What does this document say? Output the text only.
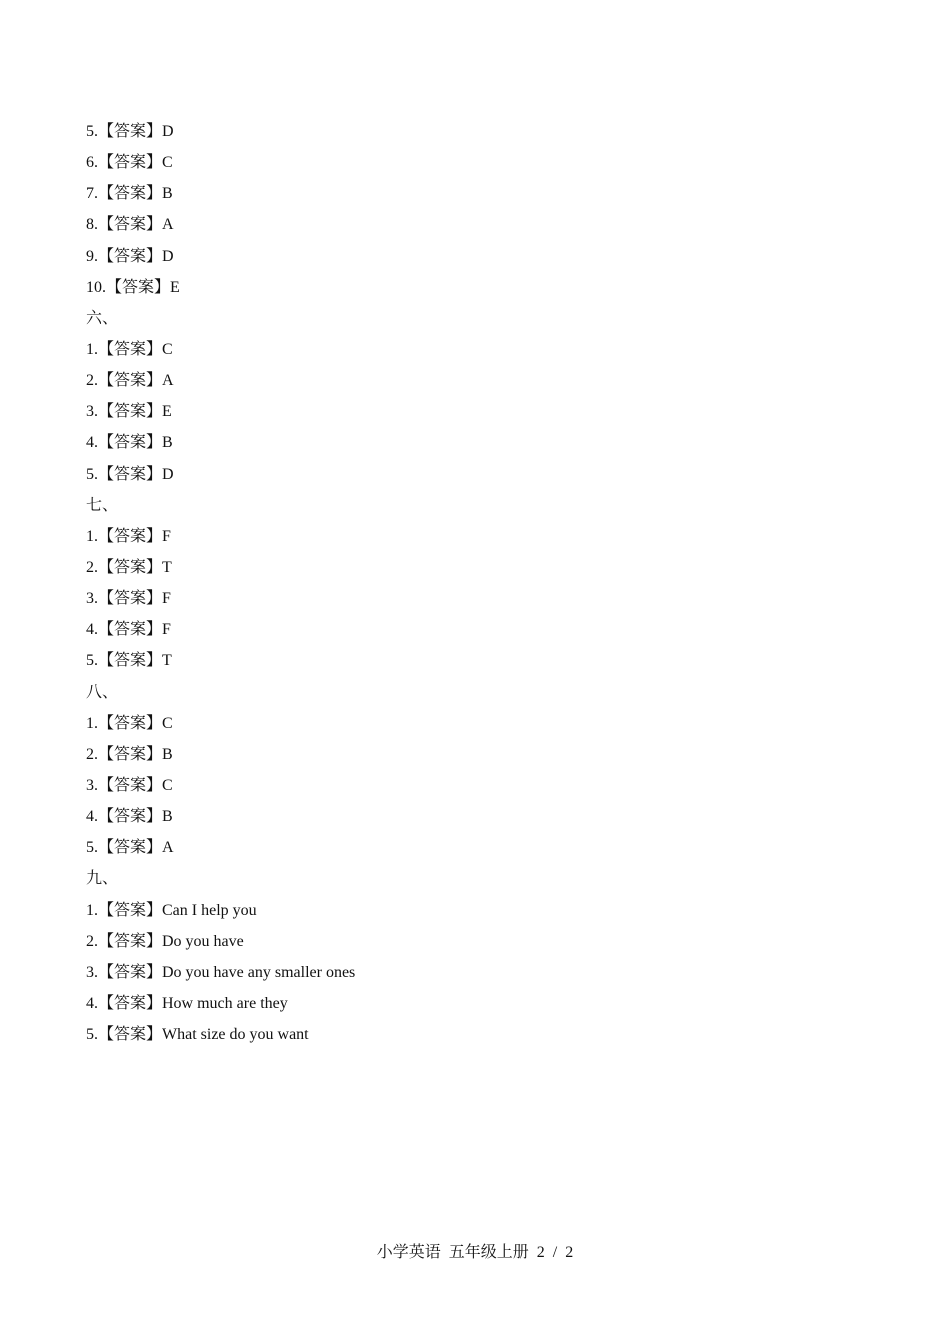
5.【答案】D
6.【答案】C
7.【答案】B
8.【答案】A
9.【答案】D
10.【答案】E
六、
1.【答案】C
2.【答案】A
3.【答案】E
4.【答案】B
5.【答案】D
七、
1.【答案】F
2.【答案】T
3.【答案】F
4.【答案】F
5.【答案】T
八、
1.【答案】C
2.【答案】B
3.【答案】C
4.【答案】B
5.【答案】A
九、
1.【答案】Can I help you
2.【答案】Do you have
3.【答案】Do you have any smaller ones
4.【答案】How much are they
5.【答案】What size do you want
小学英语  五年级上册  2  /  2
